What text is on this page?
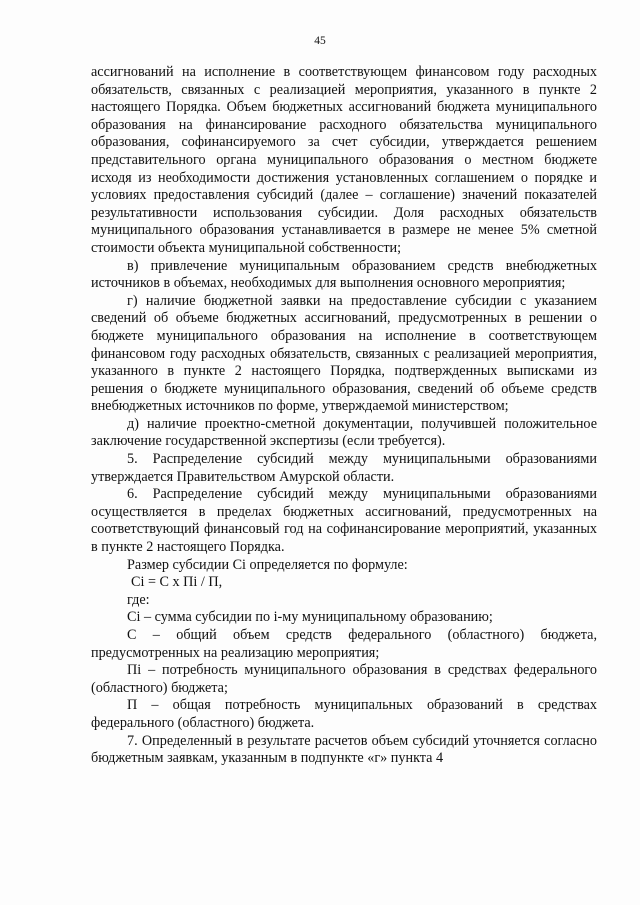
45

ассигнований на исполнение в соответствующем финансовом году расходных обязательств, связанных с реализацией мероприятия, указанного в пункте 2 настоящего Порядка. Объем бюджетных ассигнований бюджета муниципального образования на финансирование расходного обязательства муниципального образования, софинансируемого за счет субсидии, утверждается решением представительного органа муниципального образования о местном бюджете исходя из необходимости достижения установленных соглашением о порядке и условиях предоставления субсидий (далее – соглашение) значений показателей результативности использования субсидии. Доля расходных обязательств муниципального образования устанавливается в размере не менее 5% сметной стоимости объекта муниципальной собственности;

в) привлечение муниципальным образованием средств внебюджетных источников в объемах, необходимых для выполнения основного мероприятия;

г) наличие бюджетной заявки на предоставление субсидии с указанием сведений об объеме бюджетных ассигнований, предусмотренных в решении о бюджете муниципального образования на исполнение в соответствующем финансовом году расходных обязательств, связанных с реализацией мероприятия, указанного в пункте 2 настоящего Порядка, подтвержденных выписками из решения о бюджете муниципального образования, сведений об объеме средств внебюджетных источников по форме, утверждаемой министерством;

д) наличие проектно-сметной документации, получившей положительное заключение государственной экспертизы (если требуется).

5. Распределение субсидий между муниципальными образованиями утверждается Правительством Амурской области.

6. Распределение субсидий между муниципальными образованиями осуществляется в пределах бюджетных ассигнований, предусмотренных на соответствующий финансовый год на софинансирование мероприятий, указанных в пункте 2 настоящего Порядка.

Размер субсидии Сi определяется по формуле:

Сi = С x Пi / П,

где:

Сi – сумма субсидии по i-му муниципальному образованию;

С – общий объем средств федерального (областного) бюджета, предусмотренных на реализацию мероприятия;

Пi – потребность муниципального образования в средствах федерального (областного) бюджета;

П – общая потребность муниципальных образований в средствах федерального (областного) бюджета.

7. Определенный в результате расчетов объем субсидий уточняется согласно бюджетным заявкам, указанным в подпункте «г» пункта 4
